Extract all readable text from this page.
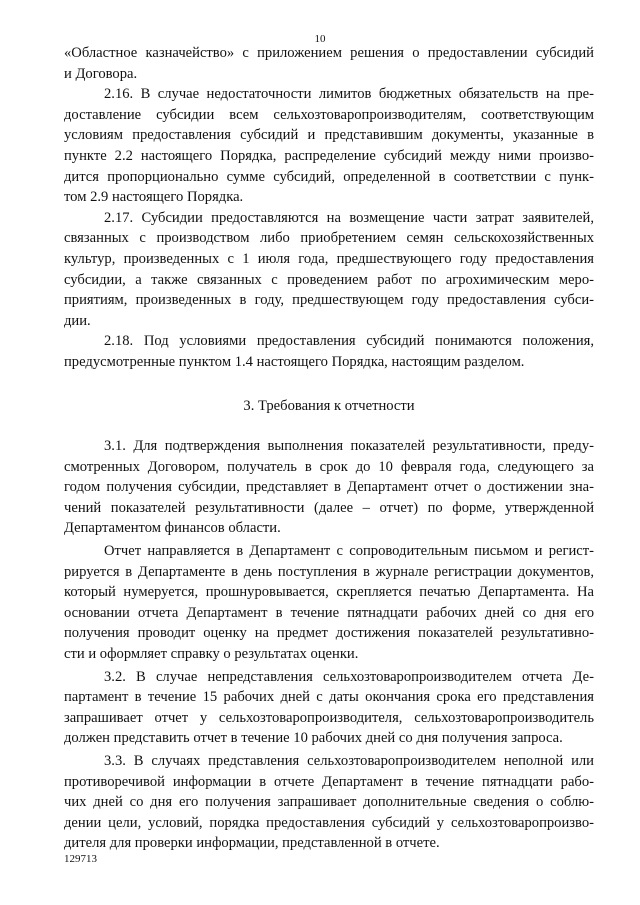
10
«Областное казначейство» с приложением решения о предоставлении субсидий
и Договора.
2.16. В случае недостаточности лимитов бюджетных обязательств на пре-
доставление субсидии всем сельхозтоваропроизводителям, соответствующим
условиям предоставления субсидий и представившим документы, указанные в
пункте 2.2 настоящего Порядка, распределение субсидий между ними произво-
дится пропорционально сумме субсидий, определенной в соответствии с пунк-
том 2.9 настоящего Порядка.
2.17. Субсидии предоставляются на возмещение части затрат заявителей,
связанных с производством либо приобретением семян сельскохозяйственных
культур, произведенных с 1 июля года, предшествующего году предоставления
субсидии, а также связанных с проведением работ по агрохимическим меро-
приятиям, произведенных в году, предшествующем году предоставления субси-
дии.
2.18. Под условиями предоставления субсидий понимаются положения,
предусмотренные пунктом 1.4 настоящего Порядка, настоящим разделом.
3. Требования к отчетности
3.1. Для подтверждения выполнения показателей результативности, преду-
смотренных Договором, получатель в срок до 10 февраля года, следующего за
годом получения субсидии, представляет в Департамент отчет о достижении зна-
чений показателей результативности (далее – отчет) по форме, утвержденной
Департаментом финансов области.
Отчет направляется в Департамент с сопроводительным письмом и регист-
рируется в Департаменте в день поступления в журнале регистрации документов,
который нумеруется, прошнуровывается, скрепляется печатью Департамента. На
основании отчета Департамент в течение пятнадцати рабочих дней со дня его
получения проводит оценку на предмет достижения показателей результативно-
сти и оформляет справку о результатах оценки.
3.2. В случае непредставления сельхозтоваропроизводителем отчета Де-
партамент в течение 15 рабочих дней с даты окончания срока его представления
запрашивает отчет у сельхозтоваропроизводителя, сельхозтоваропроизводитель
должен представить отчет в течение 10 рабочих дней со дня получения запроса.
3.3. В случаях представления сельхозтоваропроизводителем неполной или
противоречивой информации в отчете Департамент в течение пятнадцати рабо-
чих дней со дня его получения запрашивает дополнительные сведения о соблю-
дении цели, условий, порядка предоставления субсидий у сельхозтоваропроизво-
дителя для проверки информации, представленной в отчете.
129713
